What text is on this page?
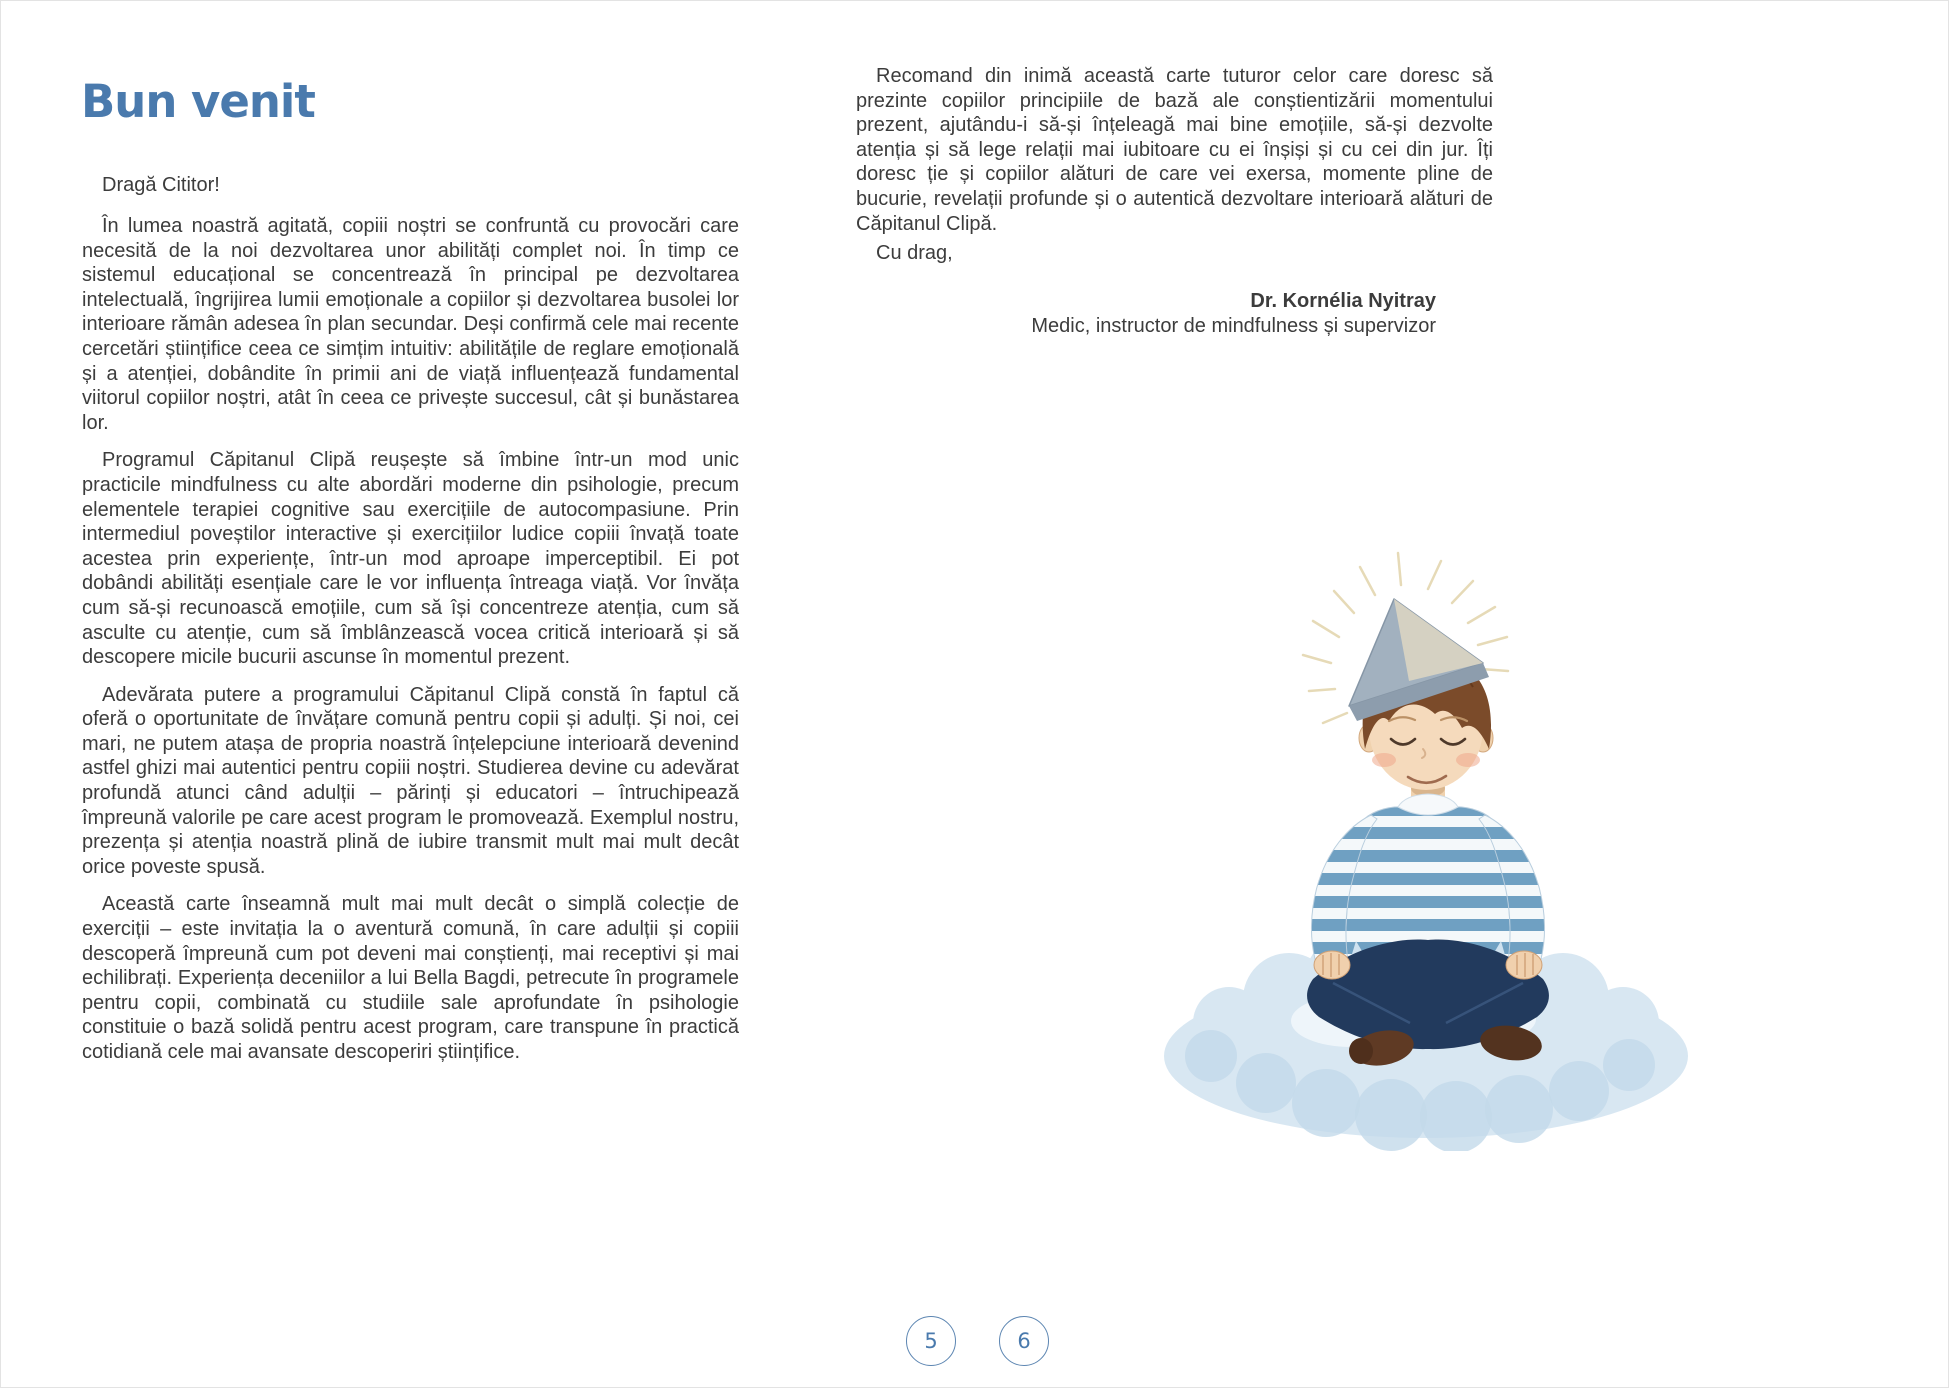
Bun venit
Dragă Cititor!

În lumea noastră agitată, copiii noștri se confruntă cu provocări care necesită de la noi dezvoltarea unor abilități complet noi. În timp ce sistemul educațional se concentrează în principal pe dezvoltarea intelectuală, îngrijirea lumii emoționale a copiilor și dezvoltarea busolei lor interioare rămân adesea în plan secundar. Deși confirmă cele mai recente cercetări științifice ceea ce simțim intuitiv: abilitățile de reglare emoțională și a atenției, dobândite în primii ani de viață influențează fundamental viitorul copiilor noștri, atât în ceea ce privește succesul, cât și bunăstarea lor.

Programul Căpitanul Clipă reușește să îmbine într-un mod unic practicile mindfulness cu alte abordări moderne din psihologie, precum elementele terapiei cognitive sau exercițiile de autocompasiune. Prin intermediul poveștilor interactive și exercițiilor ludice copiii învață toate acestea prin experiențe, într-un mod aproape imperceptibil. Ei pot dobândi abilități esențiale care le vor influența întreaga viață. Vor învăța cum să-și recunoască emoțiile, cum să își concentreze atenția, cum să asculte cu atenție, cum să îmblânzească vocea critică interioară și să descopere micile bucurii ascunse în momentul prezent.

Adevărata putere a programului Căpitanul Clipă constă în faptul că oferă o oportunitate de învățare comună pentru copii și adulți. Și noi, cei mari, ne putem atașa de propria noastră înțelepciune interioară devenind astfel ghizi mai autentici pentru copiii noștri. Studierea devine cu adevărat profundă atunci când adulții – părinți și educatori – întruchipează împreună valorile pe care acest program le promovează. Exemplul nostru, prezența și atenția noastră plină de iubire transmit mult mai mult decât orice poveste spusă.

Această carte înseamnă mult mai mult decât o simplă colecție de exerciții – este invitația la o aventură comună, în care adulții și copiii descoperă împreună cum pot deveni mai conștienți, mai receptivi și mai echilibrați. Experiența deceniilor a lui Bella Bagdi, petrecute în programele pentru copii, combinată cu studiile sale aprofundate în psihologie constituie o bază solidă pentru acest program, care transpune în practică cotidiană cele mai avansate descoperiri științifice.

Recomand din inimă această carte tuturor celor care doresc să prezinte copiilor principiile de bază ale conștientizării momentului prezent, ajutându-i să-și înțeleagă mai bine emoțiile, să-și dezvolte atenția și să lege relații mai iubitoare cu ei înșiși și cu cei din jur. Îți doresc ție și copiilor alături de care vei exersa, momente pline de bucurie, revelații profunde și o autentică dezvoltare interioară alături de Căpitanul Clipă.

Cu drag,
Dr. Kornélia Nyitray
Medic, instructor de mindfulness și supervizor
5	6
